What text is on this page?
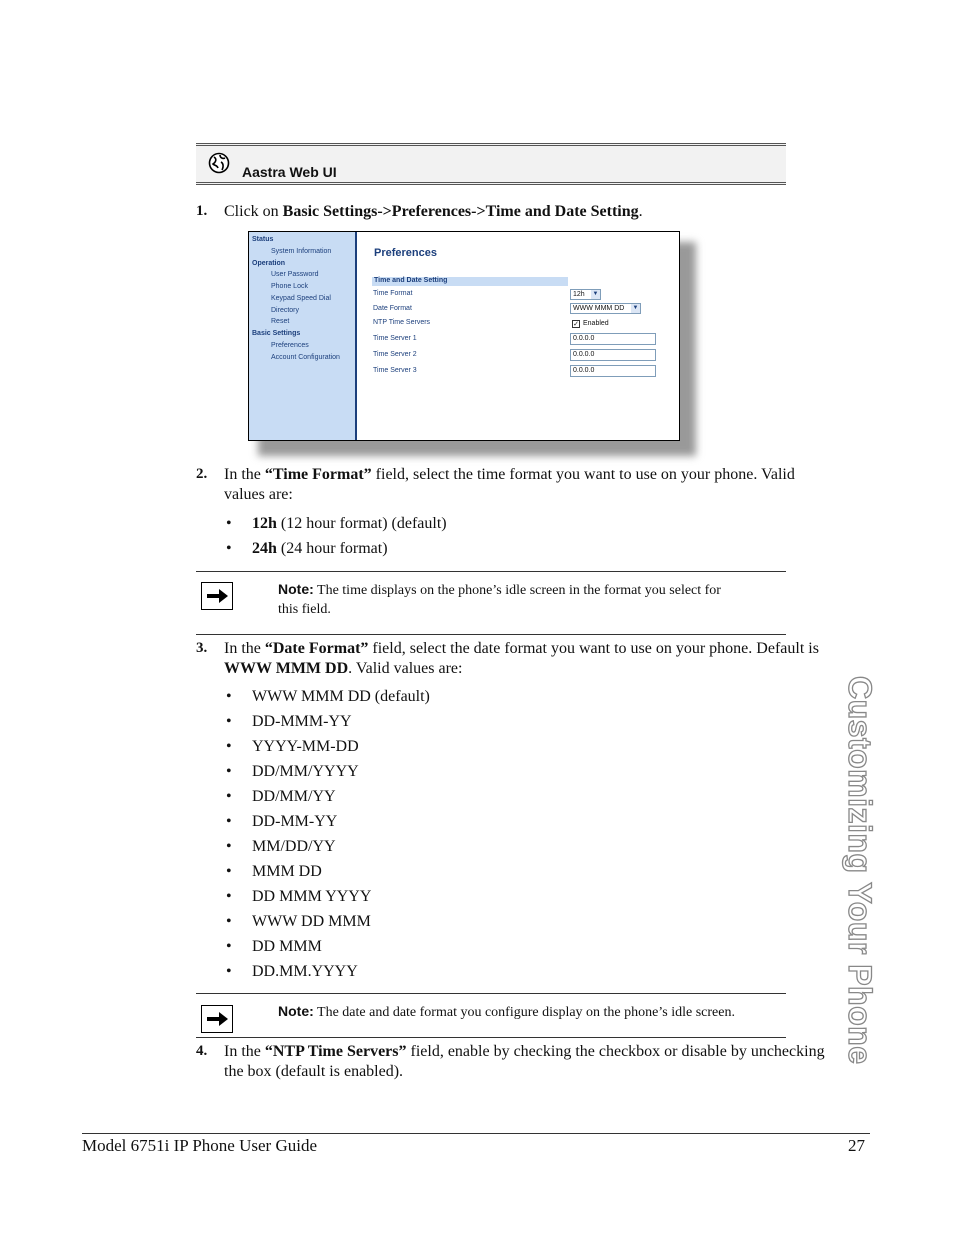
Aastra Web UI
1. Click on Basic Settings->Preferences->Time and Date Setting.
Status
System Information
Operation
User Password
Phone Lock
Keypad Speed Dial
Directory
Reset
Basic Settings
Preferences
Account Configuration
Preferences
Time and Date Setting
Time Format	12h ▼
Date Format	WWW MMM DD ▼
NTP Time Servers	✓ Enabled
Time Server 1	0.0.0.0
Time Server 2	0.0.0.0
Time Server 3	0.0.0.0
2. In the “Time Format” field, select the time format you want to use on your phone. Valid
values are:
• 12h (12 hour format) (default)
• 24h (24 hour format)
Note: The time displays on the phone’s idle screen in the format you select for
this field.
3. In the “Date Format” field, select the date format you want to use on your phone. Default is
WWW MMM DD. Valid values are:
• WWW MMM DD (default)
• DD-MMM-YY
• YYYY-MM-DD
• DD/MM/YYYY
• DD/MM/YY
• DD-MM-YY
• MM/DD/YY
• MMM DD
• DD MMM YYYY
• WWW DD MMM
• DD MMM
• DD.MM.YYYY
Note: The date and date format you configure display on the phone’s idle screen.
4. In the “NTP Time Servers” field, enable by checking the checkbox or disable by unchecking
the box (default is enabled).
Customizing Your Phone
Model 6751i IP Phone User Guide	27
